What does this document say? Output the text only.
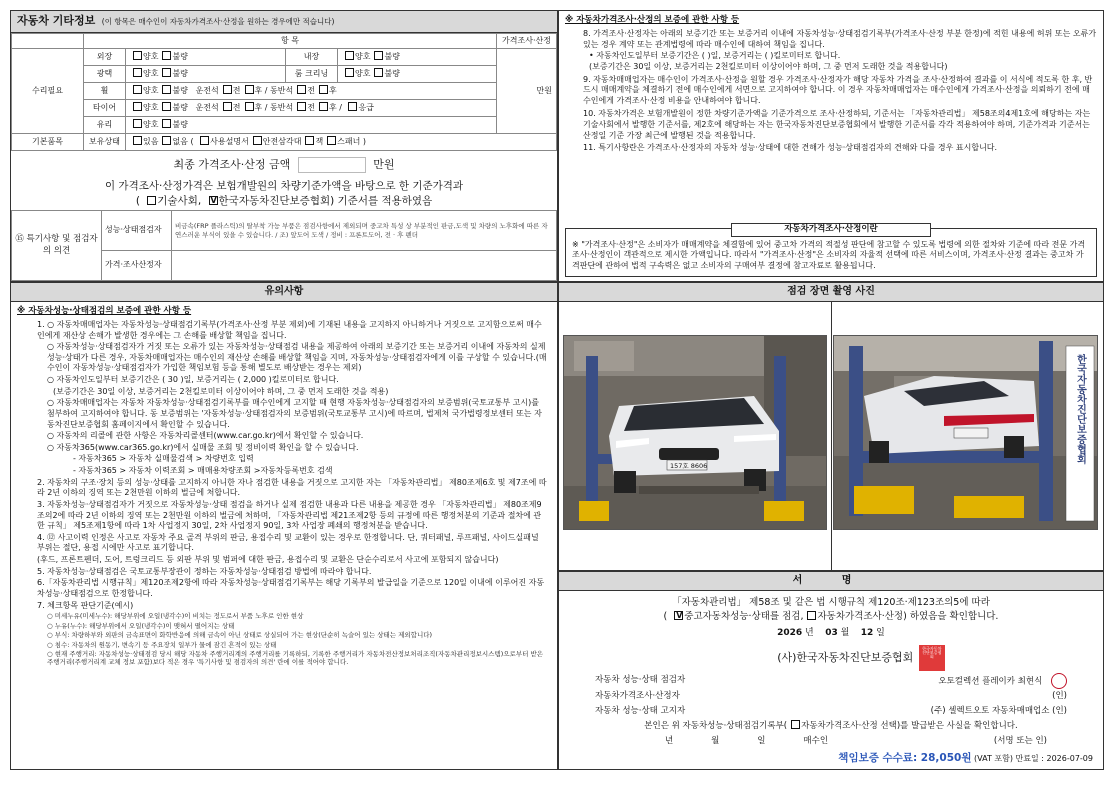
자동차 기타정보 (이 항목은 매수인이 자동차가격조사·산정을 원하는 경우에만 적습니다)
	항 목				가격조사·산정
수리필요	외장	양호 불량	내장	양호 불량	만원
	광택	양호 불량	룸 크리닝	양호 불량	
	휠	양호 불량 운전석 전 후 / 동반석 전 후			
	타이어	양호 불량 운전석 전 후 / 동반석 전 후 / 응급			
	유리	양호 불량			
기본품목	보유상태	있음 없음 ( 사용설명서 안전삼각대 잭 스패너 )			
최종 가격조사·산정 금액	만원
이 가격조사·산정가격은 보험개발원의 차량기준가액을 바탕으로 한 기준가격과
( 기술사회, V한국자동차진단보증협회) 기준서를 적용하였음
⑮ 특기사항 및 점검자의 의견	성능·상태점검자	비금속(FRP 플라스틱)의 탈부착 가능 부품은 점검사항에서 제외되며 중고차 특성 상 부분적인 판금,도색 및 차량의 노후화에 따른 자연스러운 부식이 있을 수 있습니다. / 조) 앞도어 도색 / 정비 : 프론트도어, 전 · 후 펜더
	가격·조사산정자	
※ 자동차가격조사·산정의 보증에 관한 사항 등

8. 가격조사·산정자는 아래의 보증기간 또는 보증거리 이내에 자동차성능·상태점검기록부(가격조사·산정 부분 한정)에 적힌 내용에 허위 또는 오류가 있는 경우 계약 또는 관계법령에 따라 매수인에 대하여 책임을 집니다.

• 자동차인도일부터 보증기간은 ( )일, 보증거리는 ( )킬로미터로 합니다.

(보증기간은 30일 이상, 보증거리는 2천킬로미터 이상이어야 하며, 그 중 먼저 도래한 것을 적용합니다)

9. 자동차매매업자는 매수인이 가격조사·산정을 원할 경우 가격조사·산정자가 해당 자동차 가격을 조사·산정하여 결과를 이 서식에 적도록 한 후, 반드시 매매계약을 체결하기 전에 매수인에게 서면으로 고지하여야 합니다. 이 경우 자동차매매업자는 매수인에게 가격조사·산정을 의뢰하기 전에 매수인에게 가격조사·산정 비용을 안내하여야 합니다.

10. 자동차가격은 보험개발원이 정한 차량기준가액을 기준가격으로 조사·산정하되, 기준서는 「자동차관리법」 제58조의4제1호에 해당하는 자는 기술사회에서 발행한 기준서를, 제2호에 해당하는 자는 한국자동차진단보증협회에서 발행한 기준서를 각각 적용하여야 하며, 기준가격과 기준서는 산정일 기준 가장 최근에 발행된 것을 적용합니다.

11. 특기사항란은 가격조사·산정자의 자동차 성능·상태에 대한 견해가 성능·상태점검자의 견해와 다를 경우 표시합니다.

자동차가격조사·산정이란
※ "가격조사·산정"은 소비자가 매매계약을 체결함에 있어 중고차 가격의 적절성 판단에 참고할 수 있도록 법령에 의한 절차와 기준에 따라 전문 가격조사·산정인이 객관적으로 제시한 가액입니다. 따라서 "가격조사·산정"은 소비자의 자율적 선택에 따른 서비스이며, 가격조사·산정 결과는 중고차 가격판단에 관하여 법적 구속력은 없고 소비자의 구매여부 결정에 참고자료로 활용됩니다.
유의사항
※ 자동차성능·상태점검의 보증에 관한 사항 등

1. ○ 자동차매매업자는 자동차성능·상태점검기록부(가격조사·산정 부분 제외)에 기재된 내용을 고지하지 아니하거나 거짓으로 고지함으로써 매수인에게 재산상 손해가 발생한 경우에는 그 손해를 배상할 책임을 집니다.

○ 자동차성능·상태점검자가 거짓 또는 오류가 있는 자동차성능·상태점검 내용을 제공하여 아래의 보증기간 또는 보증거리 이내에 자동차의 실제 성능·상태가 다른 경우, 자동차매매업자는 매수인의 재산상 손해를 배상할 책임을 지며, 자동차성능·상태점검자에게 이를 구상할 수 있습니다.(매수인이 자동차성능·상태점검자가 가입한 책임보험 등을 통해 별도로 배상받는 경우는 제외)

○ 자동차인도일부터 보증기간은 ( 30 )일, 보증거리는 ( 2,000 )킬로미터로 합니다.

(보증기간은 30일 이상, 보증거리는 2천킬로미터 이상이어야 하며, 그 중 먼저 도래한 것을 적용)

○ 자동차매매업자는 자동차 자동차성능·상태점검기록부를 매수인에게 고지할 때 현행 자동차성능·상태점검자의 보증범위(국토교통부 고시)를 첨부하여 고지하여야 합니다. 동 보증범위는 '자동차성능·상태점검자의 보증범위(국토교통부 고시)에 따르며, 법제처 국가법령정보센터 또는 자동차진단보증협회 홈페이지에서 확인할 수 있습니다.

○ 자동차의 리콜에 관한 사항은 자동차리콜센터(www.car.go.kr)에서 확인할 수 있습니다.

○ 자동차365(www.car365.go.kr)에서 실매물 조회 및 정비이력 확인을 할 수 있습니다.

- 자동차365 > 자동차 실매물검색 > 차량번호 입력

- 자동차365 > 자동차 이력조회 > 매매용차량조회 >자동차등록번호 검색

2. 자동차의 구조·장치 등의 성능·상태를 고지하지 아니한 자나 점검한 내용을 거짓으로 고지한 자는 「자동차관리법」 제80조제6호 및 제7조에 따라 2년 이하의 징역 또는 2천만원 이하의 벌금에 처합니다.

3. 자동차성능·상태점검자가 거짓으로 자동차성능·상태 점검을 하거나 실제 점검한 내용과 다른 내용을 제공한 경우 「자동차관리법」 제80조제9조의2에 따라 2년 이하의 징역 또는 2천만원 이하의 벌금에 처하며, 「자동차관리법 제21조제2항 등의 규정에 따른 행정처분의 기준과 절차에 관한 규칙」 제5조제1항에 따라 1차 사업정지 30일, 2차 사업정지 90일, 3차 사업장 폐쇄의 행정처분을 받습니다.

4. ⑫ 사고이력 인정은 사고로 자동차 주요 골격 부위의 판금, 용접수리 및 교환이 있는 경우로 한정합니다. 단, 쿼터패널, 루프패널, 사이드실패널 부위는 절단, 용접 시에만 사고로 표기합니다.

(후드, 프론트펜더, 도어, 트렁크리드 등 외판 부위 및 범퍼에 대한 판금, 용접수리 및 교환은 단순수리로서 사고에 포함되지 않습니다)

5. 자동차성능·상태점검은 국토교통부장관이 정하는 자동차성능·상태점검 방법에 따라야 합니다.

6.「자동차관리법 시행규칙」제120조제2항에 따라 자동차성능·상태점검기록부는 해당 기록부의 발급일을 기준으로 120일 이내에 이루어진 자동차성능·상태점검으로 한정합니다.

7. 체크항목 판단기준(예시)

○ 미세누유(미세누수): 해당부위에 오일(냉각수)이 비치는 정도로서 부품 노후로 인한 현상

○ 누유(누수): 해당부위에서 오일(냉각수)이 맺혀서 떨어지는 상태

○ 부식: 차량하부와 외판의 금속표면이 화학반응에 의해 금속이 아닌 상태로 상실되어 가는 현상(단순히 녹슬어 있는 상태는 제외합니다)

○ 침수: 자동차의 원동기, 변속기 등 주요장치 일부가 물에 잠긴 흔적이 있는 상태

○ 현재 주행거리: 자동차성능·상태점검 당시 해당 자동차 주행거리계의 주행거리를 기록하되, 기록한 주행거리가 자동차전산정보처리조직(자동차관리정보시스템)으로부터 받은 주행거리(주행거리계 교체 정보 포함)보다 적은 경우 '특기사항 및 점검자의 의견' 란에 이를 적어야 합니다.

점검 장면 촬영 사진
157호 8606
한국자동차진단보증협회
서 명
「자동차관리법」 제58조 및 같은 법 시행규칙 제120조·제123조의5에 따라
( V중고자동차성능·상태를 점검, 자동차가격조사·산정) 하였음을 확인합니다.
2026 년 03 월 12 일
(사)한국자동차진단보증협회 한국자동차진단보증협회
자동차 성능·상태 점검자	오토컬렉션 플레이카 최현식
자동차가격조사·산정자	(인)
자동차 성능·상태 고지자	(주) 셀렉트오토 자동차매매업소 (인)
본인은 위 자동차성능·상태점검기록부( 자동차가격조사·산정 선택)를 발급받은 사실을 확인합니다.
년	월	일	매수인	(서명 또는 인)
책임보증 수수료: 28,050원 (VAT 포함) 만료일 : 2026-07-09
